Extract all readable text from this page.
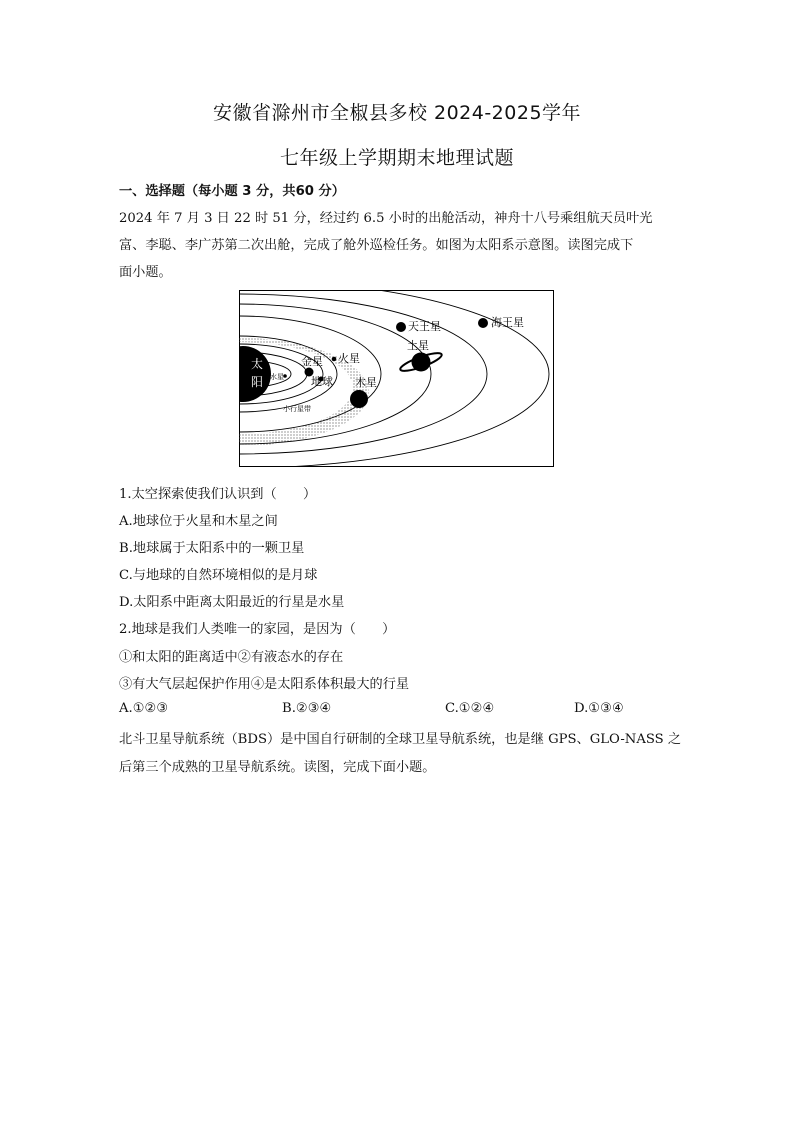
安徽省滁州市全椒县多校 2024-2025学年
七年级上学期期末地理试题
一、选择题（每小题 3 分，共60 分）
2024 年 7 月 3 日 22 时 51 分，经过约 6.5 小时的出舱活动，神舟十八号乘组航天员叶光
富、李聪、李广苏第二次出舱，完成了舱外巡检任务。如图为太阳系示意图。读图完成下
面小题。
太
阳 水星
金星
地球
火星
小行星带
木星
土星
天王星	海王星
1.太空探索使我们认识到（　　）
A.地球位于火星和木星之间
B.地球属于太阳系中的一颗卫星
C.与地球的自然环境相似的是月球
D.太阳系中距离太阳最近的行星是水星
2.地球是我们人类唯一的家园，是因为（　　）
①和太阳的距离适中②有液态水的存在
③有大气层起保护作用④是太阳系体积最大的行星
A.①②③	B.②③④	C.①②④	D.①③④
北斗卫星导航系统（BDS）是中国自行研制的全球卫星导航系统，也是继 GPS、GLO-NASS 之
后第三个成熟的卫星导航系统。读图，完成下面小题。
